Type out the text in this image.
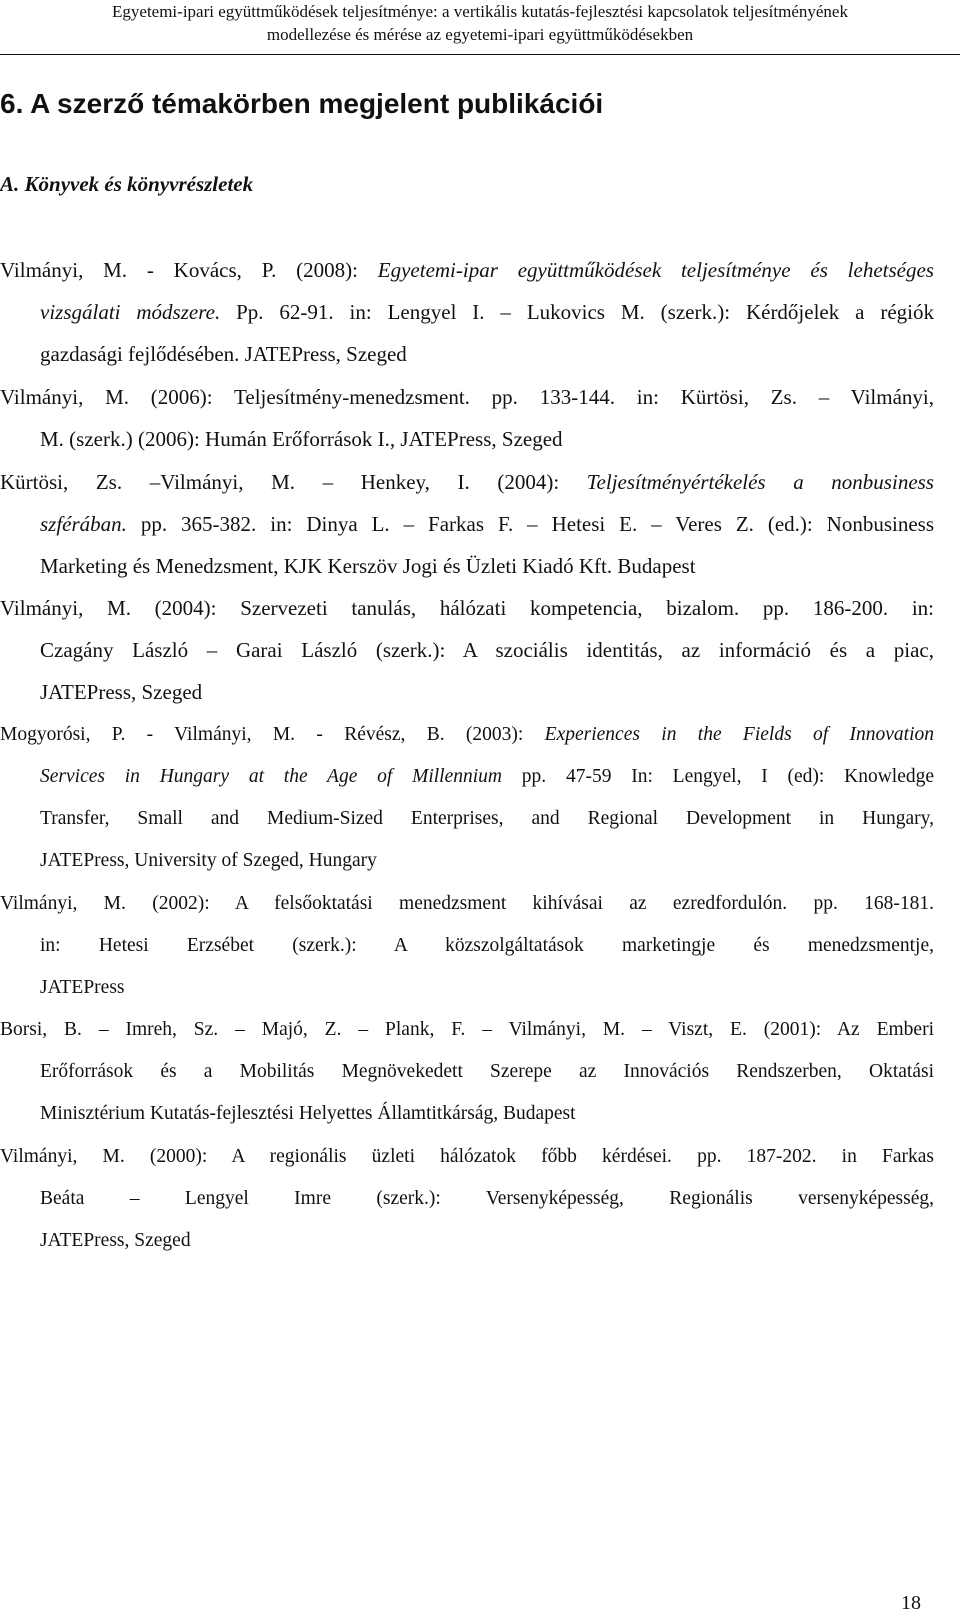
Egyetemi-ipari együttműködések teljesítménye: a vertikális kutatás-fejlesztési kapcsolatok teljesítményének
modellezése és mérése az egyetemi-ipari együttműködésekben
6. A szerző témakörben megjelent publikációi
A. Könyvek és könyvrészletek
Vilmányi, M. - Kovács, P. (2008): Egyetemi-ipar együttműködések teljesítménye és lehetséges
vizsgálati módszere. Pp. 62-91. in: Lengyel I. – Lukovics M. (szerk.): Kérdőjelek a régiók
gazdasági fejlődésében. JATEPress, Szeged
Vilmányi, M. (2006): Teljesítmény-menedzsment. pp. 133-144. in: Kürtösi, Zs. – Vilmányi,
M. (szerk.) (2006): Humán Erőforrások I., JATEPress, Szeged
Kürtösi, Zs. –Vilmányi, M. – Henkey, I. (2004): Teljesítményértékelés a nonbusiness
szférában. pp. 365-382. in: Dinya L. – Farkas F. – Hetesi E. – Veres Z. (ed.): Nonbusiness
Marketing és Menedzsment, KJK Kerszöv Jogi és Üzleti Kiadó Kft. Budapest
Vilmányi, M. (2004): Szervezeti tanulás, hálózati kompetencia, bizalom. pp. 186-200. in:
Czagány László – Garai László (szerk.): A szociális identitás, az információ és a piac,
JATEPress, Szeged
Mogyorósi, P. - Vilmányi, M. - Révész, B. (2003): Experiences in the Fields of Innovation
Services in Hungary at the Age of Millennium pp. 47-59 In: Lengyel, I (ed): Knowledge
Transfer, Small and Medium-Sized Enterprises, and Regional Development in Hungary,
JATEPress, University of Szeged, Hungary
Vilmányi, M. (2002): A felsőoktatási menedzsment kihívásai az ezredfordulón. pp. 168-181.
in: Hetesi Erzsébet (szerk.): A közszolgáltatások marketingje és menedzsmentje,
JATEPress
Borsi, B. – Imreh, Sz. – Majó, Z. – Plank, F. – Vilmányi, M. – Viszt, E. (2001): Az Emberi
Erőforrások és a Mobilitás Megnövekedett Szerepe az Innovációs Rendszerben, Oktatási
Minisztérium Kutatás-fejlesztési Helyettes Államtitkárság, Budapest
Vilmányi, M. (2000): A regionális üzleti hálózatok főbb kérdései. pp. 187-202. in Farkas
Beáta – Lengyel Imre (szerk.): Versenyképesség, Regionális versenyképesség,
JATEPress, Szeged
18
